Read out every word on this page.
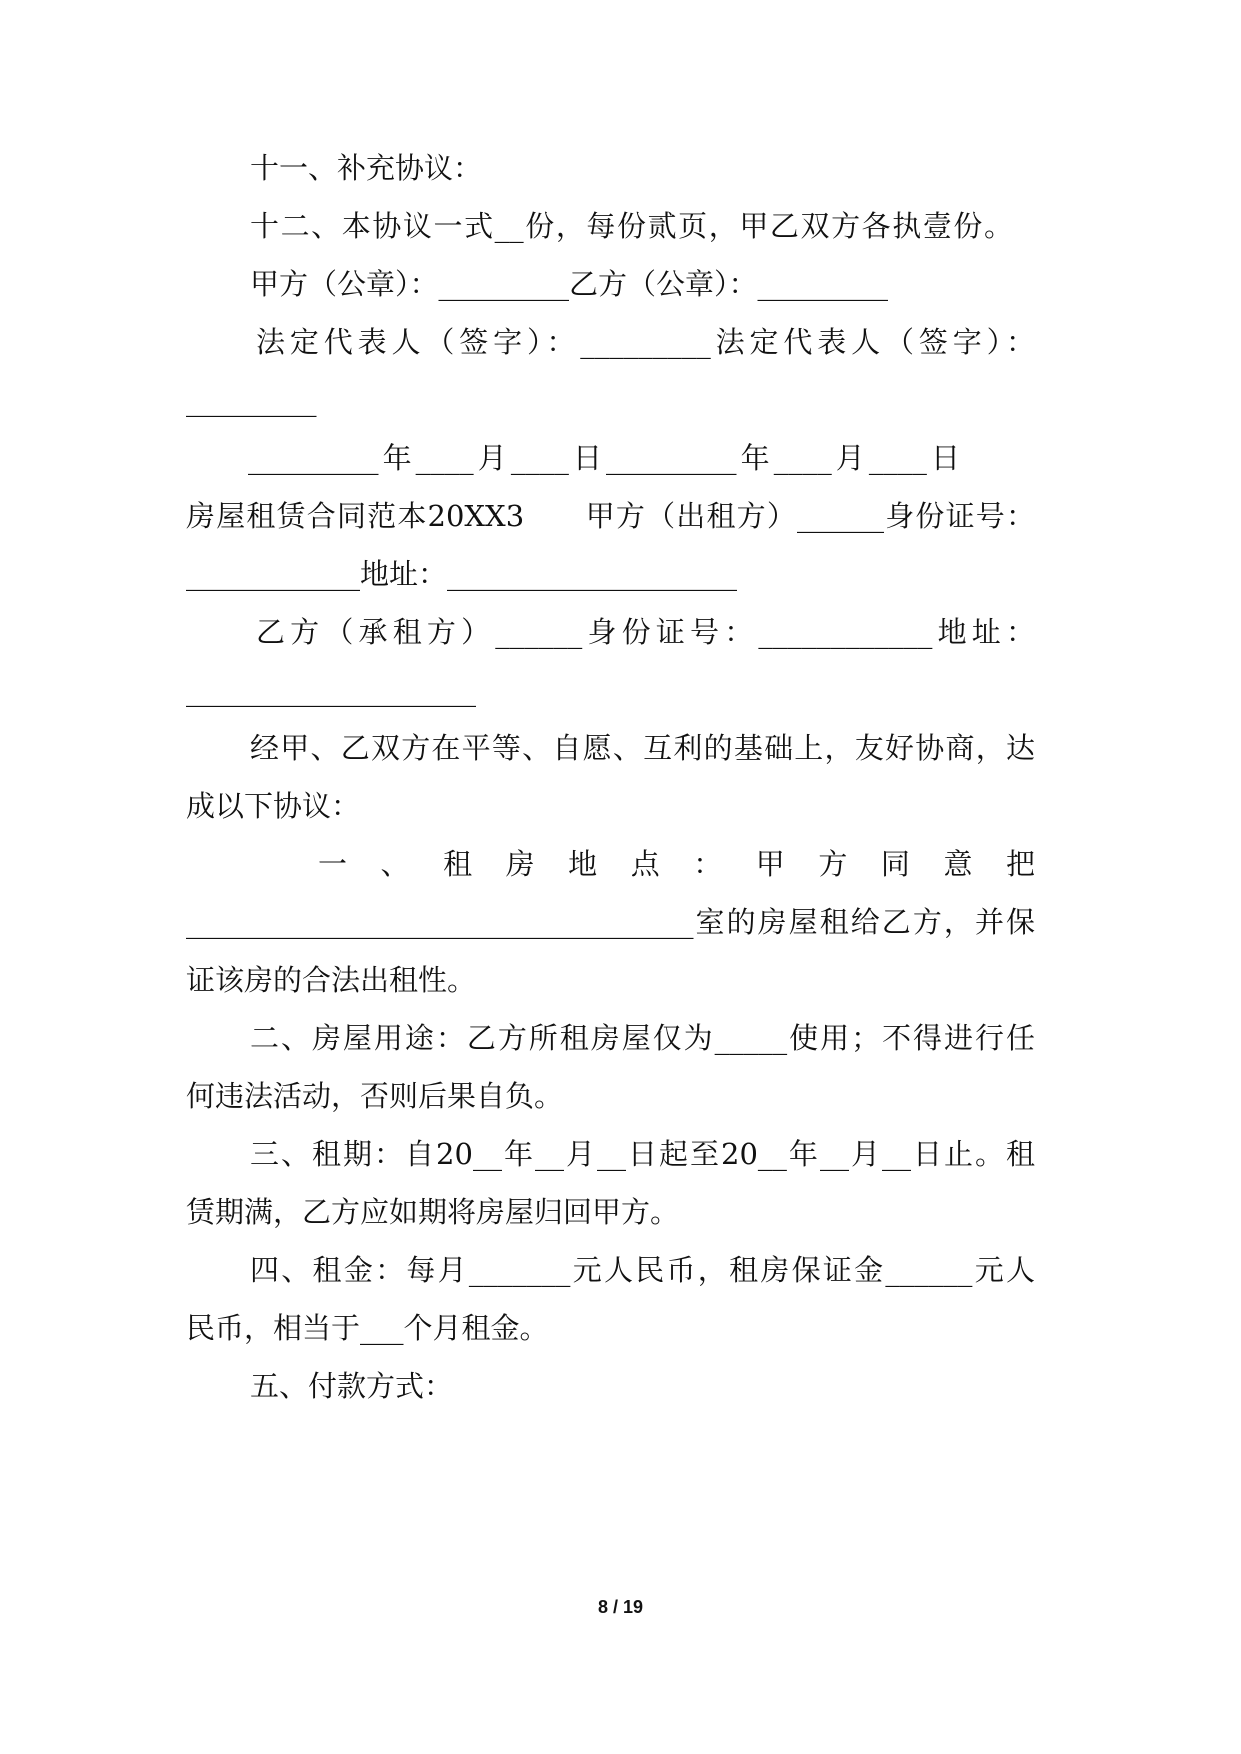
十一、补充协议：
十二、本协议一式__份，每份贰页，甲乙双方各执壹份。
甲方（公章）：_________乙方（公章）：_________
法定代表人（签字）：_________法定代表人（签字）：
_________
_________年____月____日_________年____月____日
房屋租赁合同范本20XX3　　甲方（出租方）______身份证号：
____________地址：____________________
乙方（承租方）______身份证号：____________地址：
____________________
经甲、乙双方在平等、自愿、互利的基础上，友好协商，达
成以下协议：
一、租房地点：甲方同意把
___________________________________室的房屋租给乙方，并保
证该房的合法出租性。
二、房屋用途：乙方所租房屋仅为_____使用；不得进行任
何违法活动，否则后果自负。
三、租期：自20__年__月__日起至20__年__月__日止。租
赁期满，乙方应如期将房屋归回甲方。
四、租金：每月_______元人民币，租房保证金______元人
民币，相当于___个月租金。
五、付款方式：
8 / 19
